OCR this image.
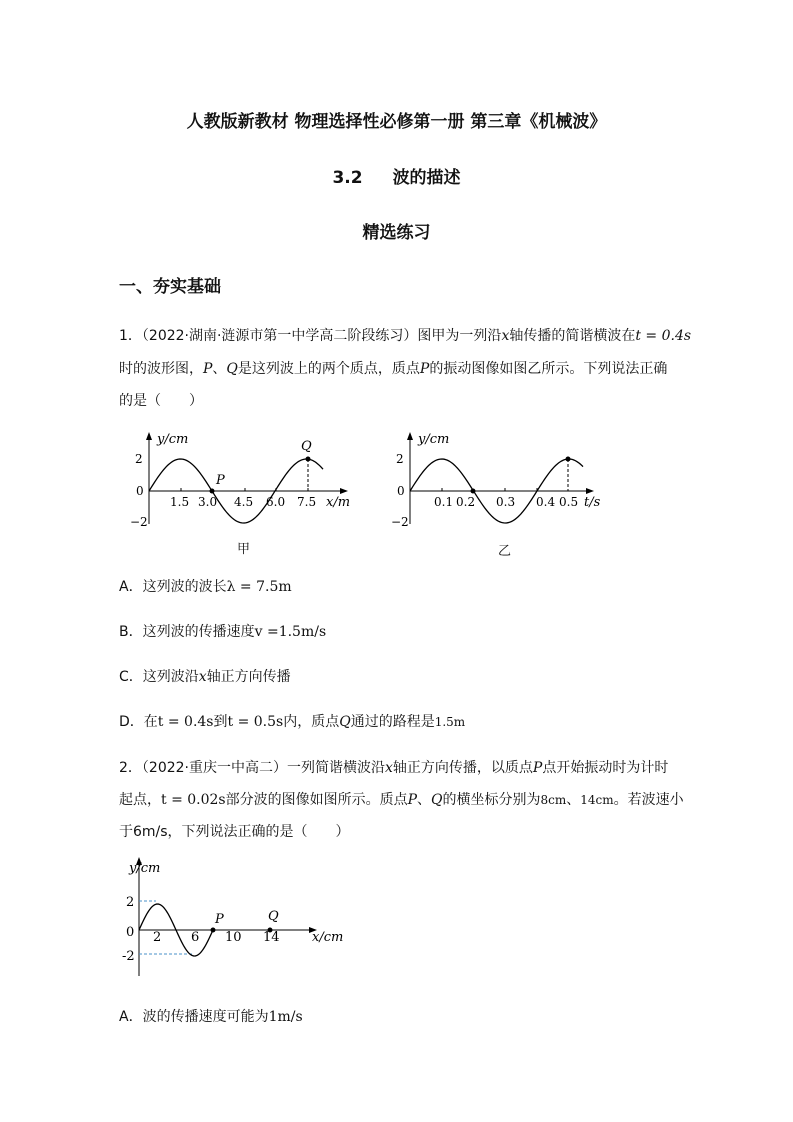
人教版新教材 物理选择性必修第一册 第三章《机械波》
3.2 波的描述
精选练习
一、夯实基础
1．（2022·湖南·涟源市第一中学高二阶段练习）图甲为一列沿x轴传播的简谐横波在t = 0.4s
时的波形图，P、Q是这列波上的两个质点，质点P的振动图像如图乙所示。下列说法正确
的是（　　）
y/cm
2
0
−2
1.5 3.0 4.5 6.0 7.5 x/m
P
Q
甲
y/cm
2
0
−2
0.1 0.2 0.3 0.4 0.5 t/s
乙
A．这列波的波长λ = 7.5m
B．这列波的传播速度v =1.5m/s
C．这列波沿x轴正方向传播
D．在t = 0.4s到t = 0.5s内，质点Q通过的路程是1.5m
2．（2022·重庆一中高二）一列简谐横波沿x轴正方向传播，以质点P点开始振动时为计时
起点，t = 0.02s部分波的图像如图所示。质点P、Q的横坐标分别为8cm、14cm。若波速小
于6m/s，下列说法正确的是（　　）
y/cm
2
0
-2
2 6 10 14 x/cm
P	Q
A．波的传播速度可能为1m/s
